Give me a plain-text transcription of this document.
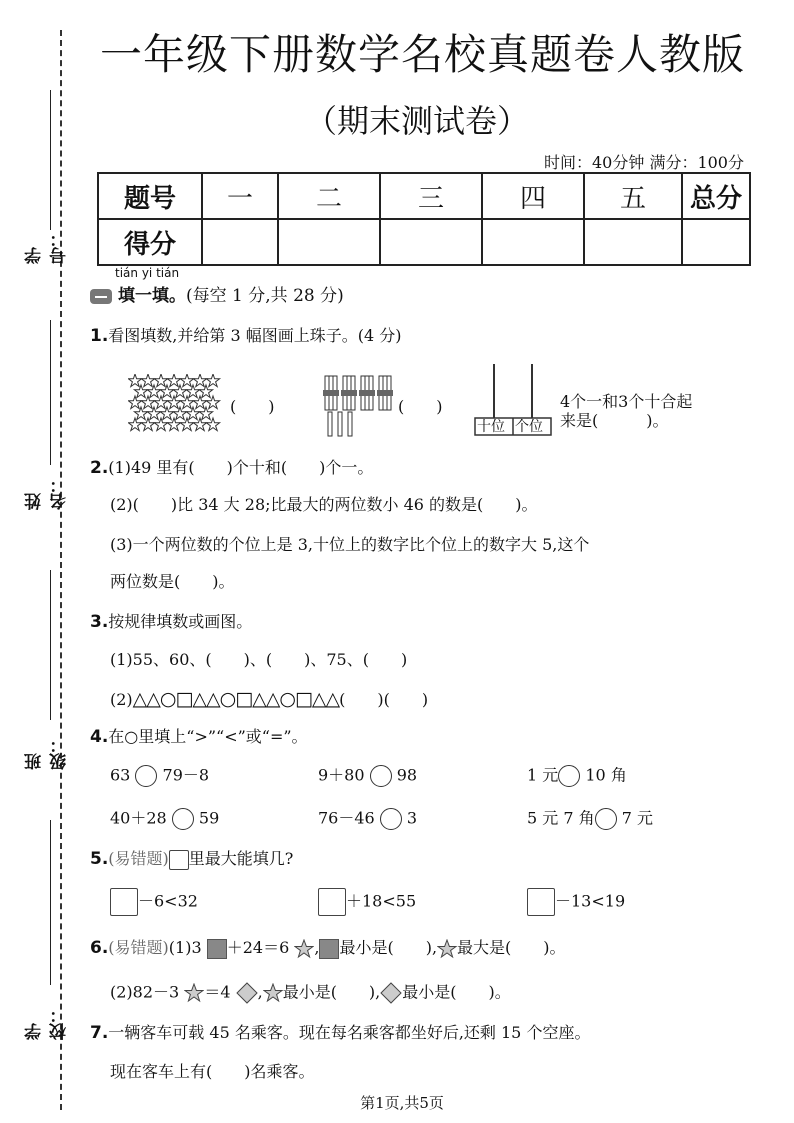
学号：
姓名：
班级：
学校：
一年级下册数学名校真题卷人教版
（期末测试卷）
时间：40分钟 满分：100分
题号	一	二	三	四	五	总分
得分						
tián yi tián
填一填。(每空 1 分,共 28 分)
1.看图填数,并给第 3 幅图画上珠子。(4 分)
(　　)	(　　)
十位 个位
4个一和3个十合起
来是(　　　)。
2.(1)49 里有(　　)个十和(　　)个一。
(2)(　　)比 34 大 28;比最大的两位数小 46 的数是(　　)。
(3)一个两位数的个位上是 3,十位上的数字比个位上的数字大 5,这个
两位数是(　　)。
3.按规律填数或画图。
(1)55、60、(　　)、(　　)、75、(　　)
(2)△△○□△△○□△△○□△△(　　)(　　)
4.在○里填上“>”“<”或“=”。
63 79－8	9＋80 98	1 元 10 角
40＋28 59	76－46 3	5 元 7 角 7 元
5.(易错题) 里最大能填几?
－6<32	＋18<55	－13<19
6.(易错题)(1)3 ＋24＝6 , 最小是(　　), 最大是(　　)。
(2)82－3 ＝4 , 最小是(　　), 最小是(　　)。
7.一辆客车可载 45 名乘客。现在每名乘客都坐好后,还剩 15 个空座。
现在客车上有(　　)名乘客。
第1页,共5页
